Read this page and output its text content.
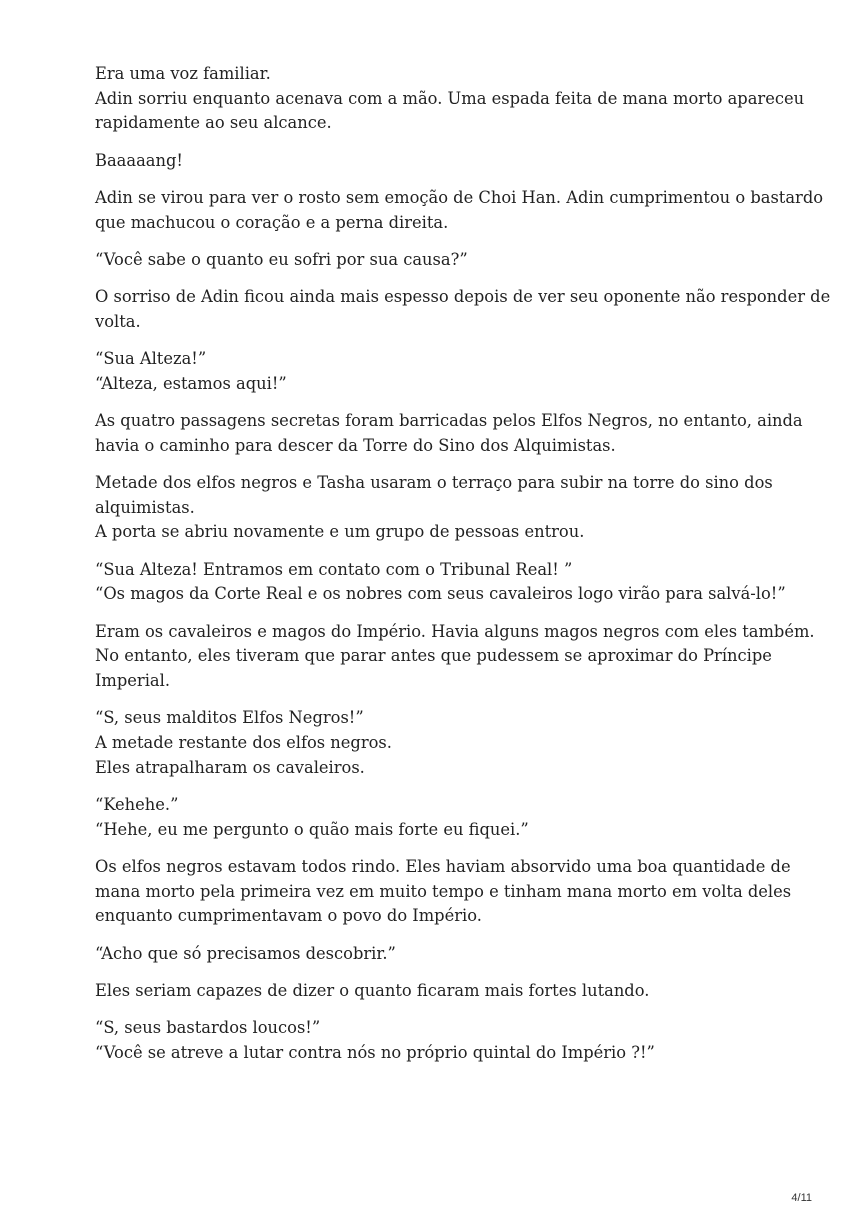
Era uma voz familiar.
Adin sorriu enquanto acenava com a mão. Uma espada feita de mana morto apareceu
rapidamente ao seu alcance.
Baaaaang!
Adin se virou para ver o rosto sem emoção de Choi Han. Adin cumprimentou o bastardo
que machucou o coração e a perna direita.
“Você sabe o quanto eu sofri por sua causa?”
O sorriso de Adin ficou ainda mais espesso depois de ver seu oponente não responder de
volta.
“Sua Alteza!”
“Alteza, estamos aqui!”
As quatro passagens secretas foram barricadas pelos Elfos Negros, no entanto, ainda
havia o caminho para descer da Torre do Sino dos Alquimistas.
Metade dos elfos negros e Tasha usaram o terraço para subir na torre do sino dos
alquimistas.
A porta se abriu novamente e um grupo de pessoas entrou.
“Sua Alteza! Entramos em contato com o Tribunal Real! ”
“Os magos da Corte Real e os nobres com seus cavaleiros logo virão para salvá-lo!”
Eram os cavaleiros e magos do Império. Havia alguns magos negros com eles também.
No entanto, eles tiveram que parar antes que pudessem se aproximar do Príncipe
Imperial.
“S, seus malditos Elfos Negros!”
A metade restante dos elfos negros.
Eles atrapalharam os cavaleiros.
“Kehehe.”
“Hehe, eu me pergunto o quão mais forte eu fiquei.”
Os elfos negros estavam todos rindo. Eles haviam absorvido uma boa quantidade de
mana morto pela primeira vez em muito tempo e tinham mana morto em volta deles
enquanto cumprimentavam o povo do Império.
“Acho que só precisamos descobrir.”
Eles seriam capazes de dizer o quanto ficaram mais fortes lutando.
“S, seus bastardos loucos!”
“Você se atreve a lutar contra nós no próprio quintal do Império ?!”
4/11
